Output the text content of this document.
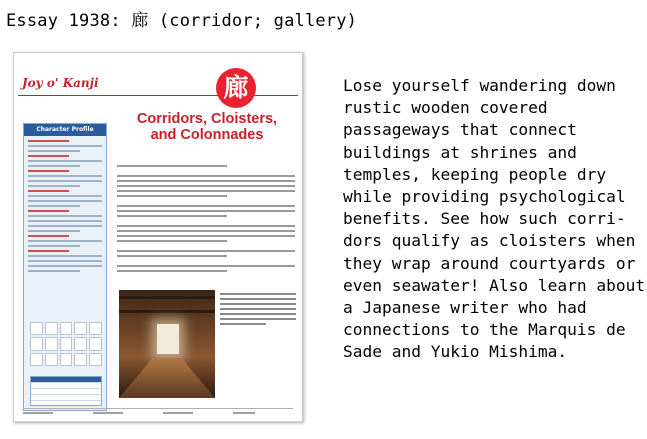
Essay 1938: 廊 (corridor; gallery)
Joy o' Kanji	廊
Character Profile
Corridors, Cloisters,
and Colonnades
Lose yourself wandering down
rustic wooden covered
passageways that connect
buildings at shrines and
temples, keeping people dry
while providing psychological
benefits. See how such corri-
dors qualify as cloisters when
they wrap around courtyards or
even seawater! Also learn about
a Japanese writer who had
connections to the Marquis de
Sade and Yukio Mishima.
